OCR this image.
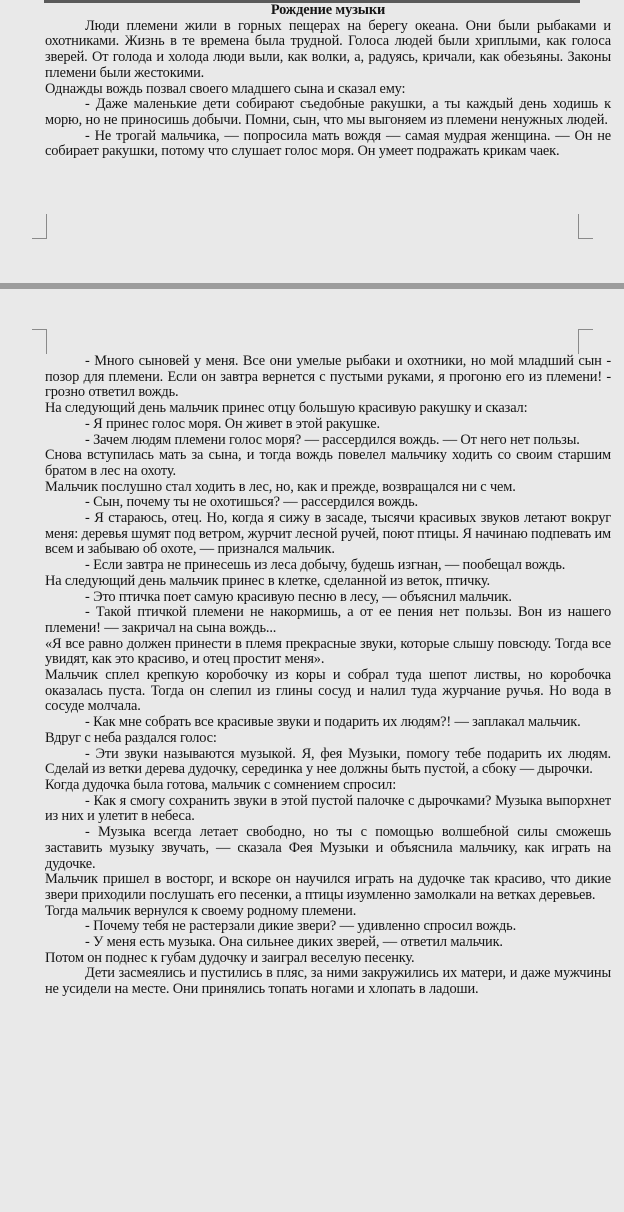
Рождение музыки

Люди племени жили в горных пещерах на берегу океана. Они были рыбаками и охотниками. Жизнь в те времена была трудной. Голоса людей были хриплыми, как голоса зверей. От голода и холода люди выли, как волки, а, радуясь, кричали, как обезьяны. Законы племени были жестокими.

Однажды вождь позвал своего младшего сына и сказал ему:

- Даже маленькие дети собирают съедобные ракушки, а ты каждый день ходишь к морю, но не приносишь добычи. Помни, сын, что мы выгоняем из племени ненужных людей.

- Не трогай мальчика, — попросила мать вождя — самая мудрая женщина. — Он не собирает ракушки, потому что слушает голос моря. Он умеет подражать крикам чаек.

- Много сыновей у меня. Все они умелые рыбаки и охотники, но мой младший сын - позор для племени. Если он завтра вернется с пустыми руками, я прогоню его из племени! - грозно ответил вождь.

На следующий день мальчик принес отцу большую красивую ракушку и сказал:

- Я принес голос моря. Он живет в этой ракушке.

- Зачем людям племени голос моря? — рассердился вождь. — От него нет пользы.

Снова вступилась мать за сына, и тогда вождь повелел мальчику ходить со своим старшим братом в лес на охоту.

Мальчик послушно стал ходить в лес, но, как и прежде, возвращался ни с чем.

- Сын, почему ты не охотишься? — рассердился вождь.

- Я стараюсь, отец. Но, когда я сижу в засаде, тысячи красивых звуков летают вокруг меня: деревья шумят под ветром, журчит лесной ручей, поют птицы. Я начинаю подпевать им всем и забываю об охоте, — признался мальчик.

- Если завтра не принесешь из леса добычу, будешь изгнан, — пообещал вождь.

На следующий день мальчик принес в клетке, сделанной из веток, птичку.

- Это птичка поет самую красивую песню в лесу, — объяснил мальчик.

- Такой птичкой племени не накормишь, а от ее пения нет пользы. Вон из нашего племени! — закричал на сына вождь...

«Я все равно должен принести в племя прекрасные звуки, которые слышу повсюду. Тогда все увидят, как это красиво, и отец простит меня».

Мальчик сплел крепкую коробочку из коры и собрал туда шепот листвы, но коробочка оказалась пуста. Тогда он слепил из глины сосуд и налил туда журчание ручья. Но вода в сосуде молчала.

- Как мне собрать все красивые звуки и подарить их людям?! — заплакал мальчик.

Вдруг с неба раздался голос:

- Эти звуки называются музыкой. Я, фея Музыки, помогу тебе подарить их людям. Сделай из ветки дерева дудочку, серединка у нее должны быть пустой, а сбоку — дырочки.

Когда дудочка была готова, мальчик с сомнением спросил:

- Как я смогу сохранить звуки в этой пустой палочке с дырочками? Музыка выпорхнет из них и улетит в небеса.

- Музыка всегда летает свободно, но ты с помощью волшебной силы сможешь заставить музыку звучать, — сказала Фея Музыки и объяснила мальчику, как играть на дудочке.

Мальчик пришел в восторг, и вскоре он научился играть на дудочке так красиво, что дикие звери приходили послушать его песенки, а птицы изумленно замолкали на ветках деревьев.

Тогда мальчик вернулся к своему родному племени.

- Почему тебя не растерзали дикие звери? — удивленно спросил вождь.

- У меня есть музыка. Она сильнее диких зверей, — ответил мальчик.

Потом он поднес к губам дудочку и заиграл веселую песенку.

Дети засмеялись и пустились в пляс, за ними закружились их матери, и даже мужчины не усидели на месте. Они принялись топать ногами и хлопать в ладоши.
